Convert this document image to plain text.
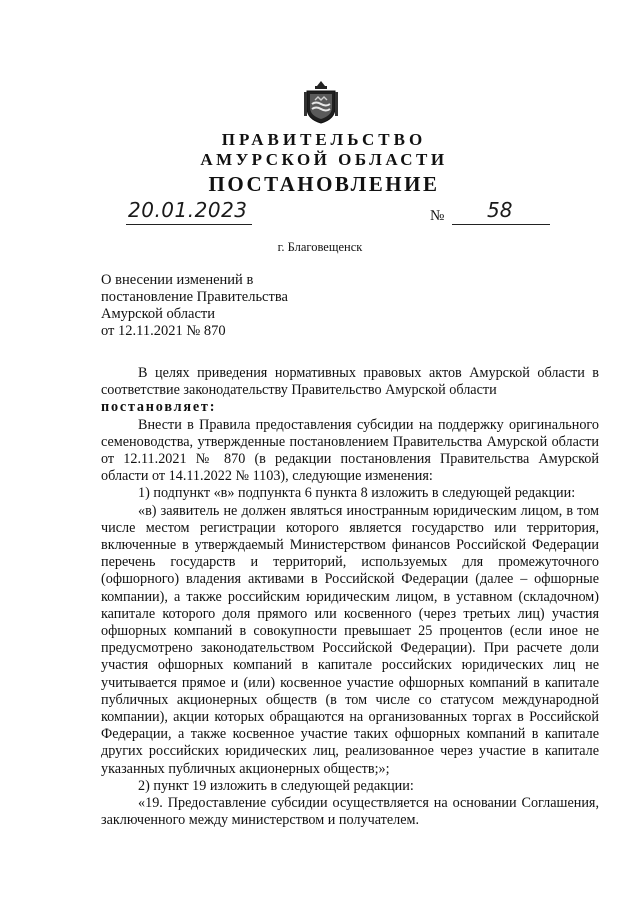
ПРАВИТЕЛЬСТВО
АМУРСКОЙ ОБЛАСТИ
ПОСТАНОВЛЕНИЕ
20.01.2023	№ 58
г. Благовещенск
О внесении изменений в
постановление Правительства
Амурской области
от 12.11.2021 № 870

В целях приведения нормативных правовых актов Амурской области в соответствие законодательству Правительство Амурской области

постановляет:

Внести в Правила предоставления субсидии на поддержку оригинального семеноводства, утвержденные постановлением Правительства Амурской области от 12.11.2021 № 870 (в редакции постановления Правительства Амурской области от 14.11.2022 № 1103), следующие изменения:

1) подпункт «в» подпункта 6 пункта 8 изложить в следующей редакции:

«в) заявитель не должен являться иностранным юридическим лицом, в том числе местом регистрации которого является государство или территория, включенные в утверждаемый Министерством финансов Российской Федерации перечень государств и территорий, используемых для промежуточного (офшорного) владения активами в Российской Федерации (далее – офшорные компании), а также российским юридическим лицом, в уставном (складочном) капитале которого доля прямого или косвенного (через третьих лиц) участия офшорных компаний в совокупности превышает 25 процентов (если иное не предусмотрено законодательством Российской Федерации). При расчете доли участия офшорных компаний в капитале российских юридических лиц не учитывается прямое и (или) косвенное участие офшорных компаний в капитале публичных акционерных обществ (в том числе со статусом международной компании), акции которых обращаются на организованных торгах в Российской Федерации, а также косвенное участие таких офшорных компаний в капитале других российских юридических лиц, реализованное через участие в капитале указанных публичных акционерных обществ;»;

2) пункт 19 изложить в следующей редакции:

«19. Предоставление субсидии осуществляется на основании Соглашения, заключенного между министерством и получателем.
